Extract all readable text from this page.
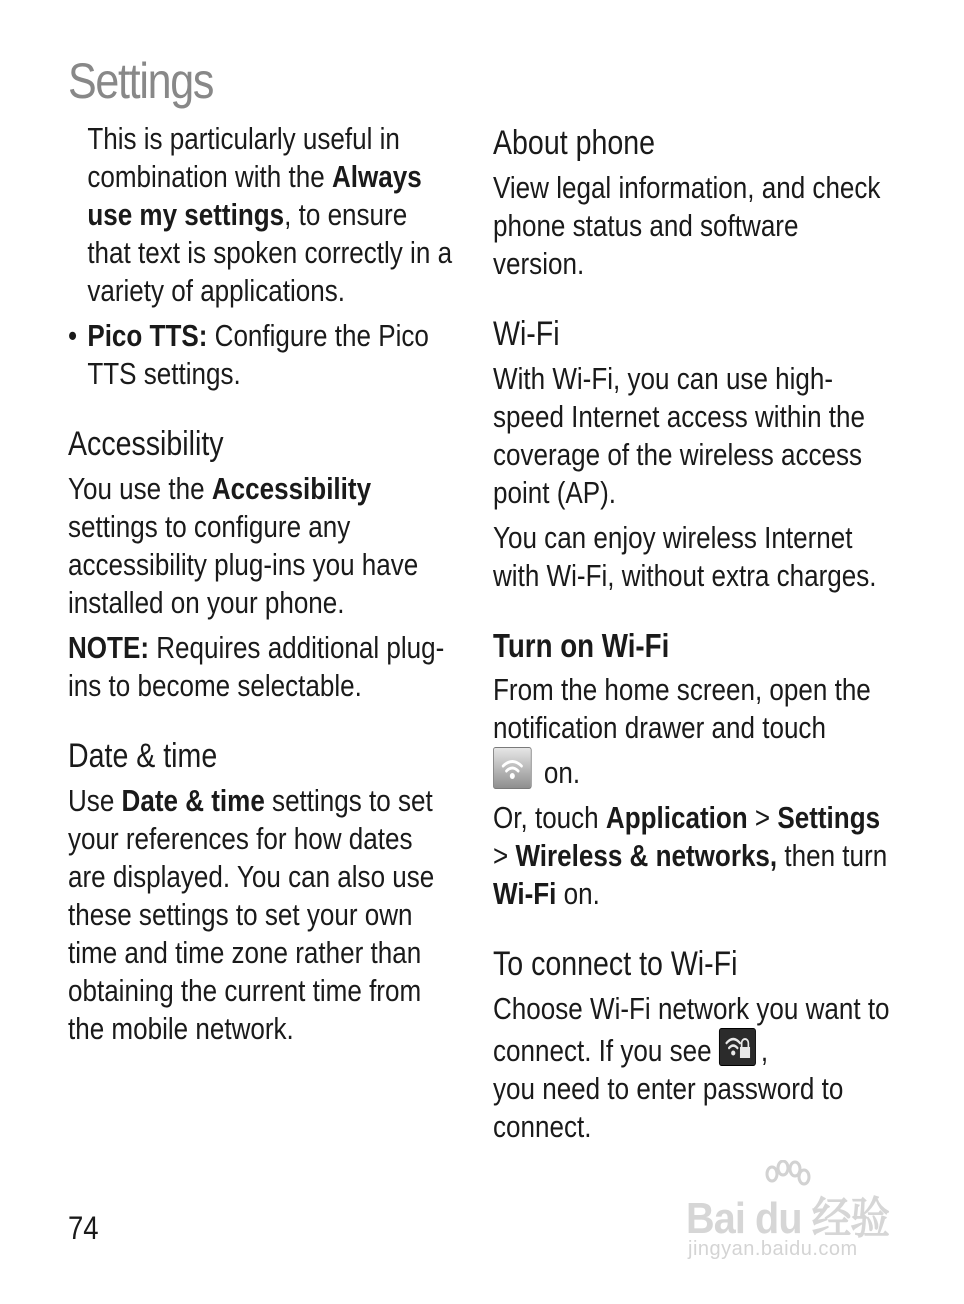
Settings

This is particularly useful in combination with the Always use my settings, to ensure that text is spoken correctly in a variety of applications.

• Pico TTS: Configure the Pico TTS settings.

Accessibility

You use the Accessibility settings to configure any accessibility plug-ins you have installed on your phone.

NOTE: Requires additional plug-ins to become selectable.

Date & time

Use Date & time settings to set your references for how dates are displayed. You can also use these settings to set your own time and time zone rather than obtaining the current time from the mobile network.

About phone

View legal information, and check phone status and software version.

Wi-Fi

With Wi-Fi, you can use high-speed Internet access within the coverage of the wireless access point (AP).

You can enjoy wireless Internet with Wi-Fi, without extra charges.

Turn on Wi-Fi

From the home screen, open the notification drawer and touch

on.

Or, touch Application > Settings > Wireless & networks, then turn Wi-Fi on.

To connect to Wi-Fi

Choose Wi-Fi network you want to connect. If you see
,
you need to enter password to connect.

74	Bai du 经验
jingyan.baidu.com
